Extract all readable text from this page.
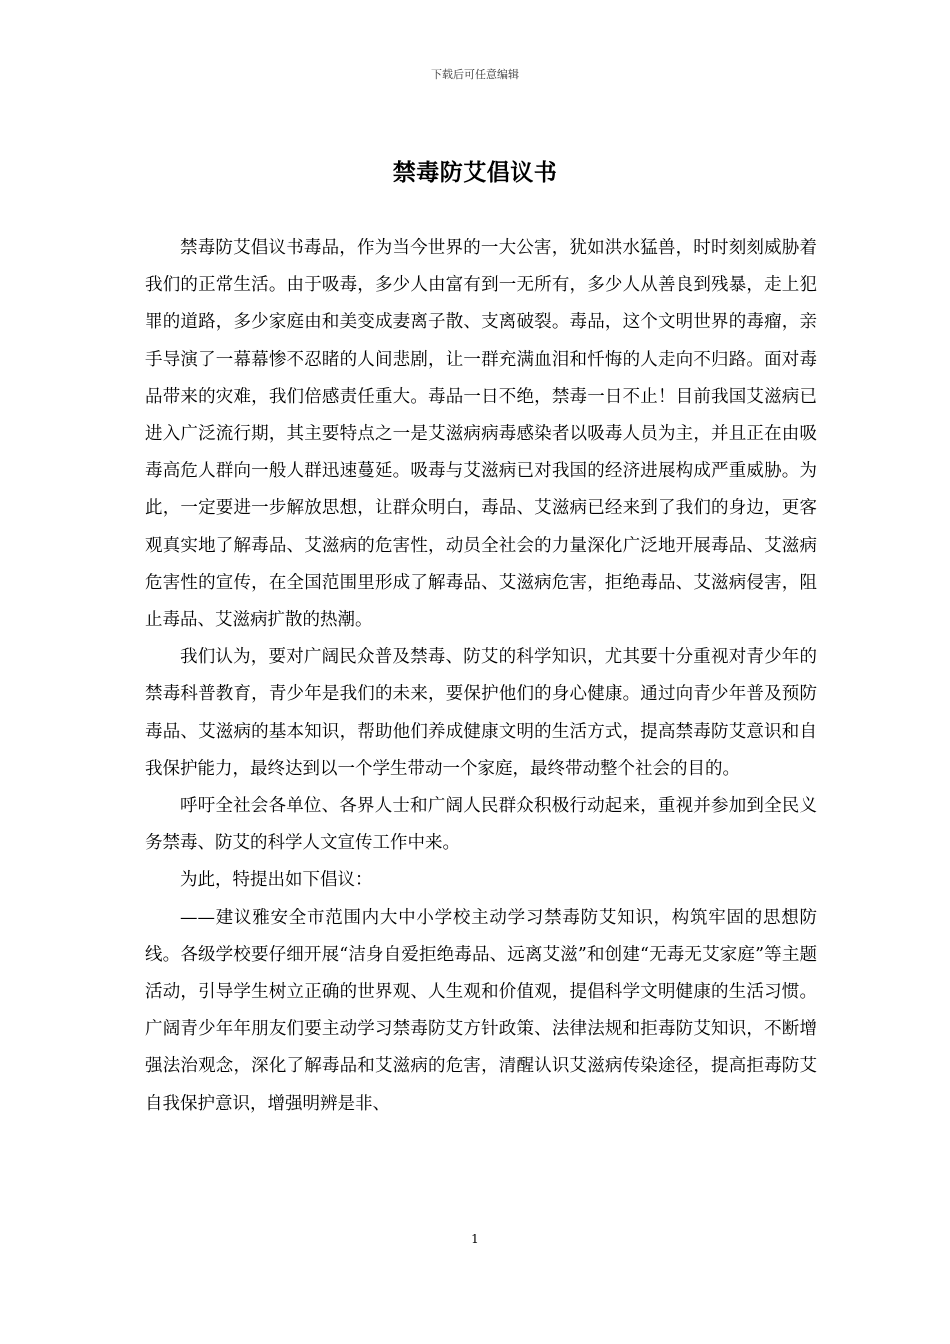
下载后可任意编辑
禁毒防艾倡议书

禁毒防艾倡议书毒品，作为当今世界的一大公害，犹如洪水猛兽，时时刻刻威胁着我们的正常生活。由于吸毒，多少人由富有到一无所有，多少人从善良到残暴，走上犯罪的道路，多少家庭由和美变成妻离子散、支离破裂。毒品，这个文明世界的毒瘤，亲手导演了一幕幕惨不忍睹的人间悲剧，让一群充满血泪和忏悔的人走向不归路。面对毒品带来的灾难，我们倍感责任重大。毒品一日不绝，禁毒一日不止！目前我国艾滋病已进入广泛流行期，其主要特点之一是艾滋病病毒感染者以吸毒人员为主，并且正在由吸毒高危人群向一般人群迅速蔓延。吸毒与艾滋病已对我国的经济进展构成严重威胁。为此，一定要进一步解放思想，让群众明白，毒品、艾滋病已经来到了我们的身边，更客观真实地了解毒品、艾滋病的危害性，动员全社会的力量深化广泛地开展毒品、艾滋病危害性的宣传，在全国范围里形成了解毒品、艾滋病危害，拒绝毒品、艾滋病侵害，阻止毒品、艾滋病扩散的热潮。

我们认为，要对广阔民众普及禁毒、防艾的科学知识，尤其要十分重视对青少年的禁毒科普教育，青少年是我们的未来，要保护他们的身心健康。通过向青少年普及预防毒品、艾滋病的基本知识，帮助他们养成健康文明的生活方式，提高禁毒防艾意识和自我保护能力，最终达到以一个学生带动一个家庭，最终带动整个社会的目的。

呼吁全社会各单位、各界人士和广阔人民群众积极行动起来，重视并参加到全民义务禁毒、防艾的科学人文宣传工作中来。

为此，特提出如下倡议：

——建议雅安全市范围内大中小学校主动学习禁毒防艾知识，构筑牢固的思想防线。各级学校要仔细开展“洁身自爱拒绝毒品、远离艾滋”和创建“无毒无艾家庭”等主题活动，引导学生树立正确的世界观、人生观和价值观，提倡科学文明健康的生活习惯。广阔青少年年朋友们要主动学习禁毒防艾方针政策、法律法规和拒毒防艾知识，不断增强法治观念，深化了解毒品和艾滋病的危害，清醒认识艾滋病传染途径，提高拒毒防艾自我保护意识，增强明辨是非、

1
